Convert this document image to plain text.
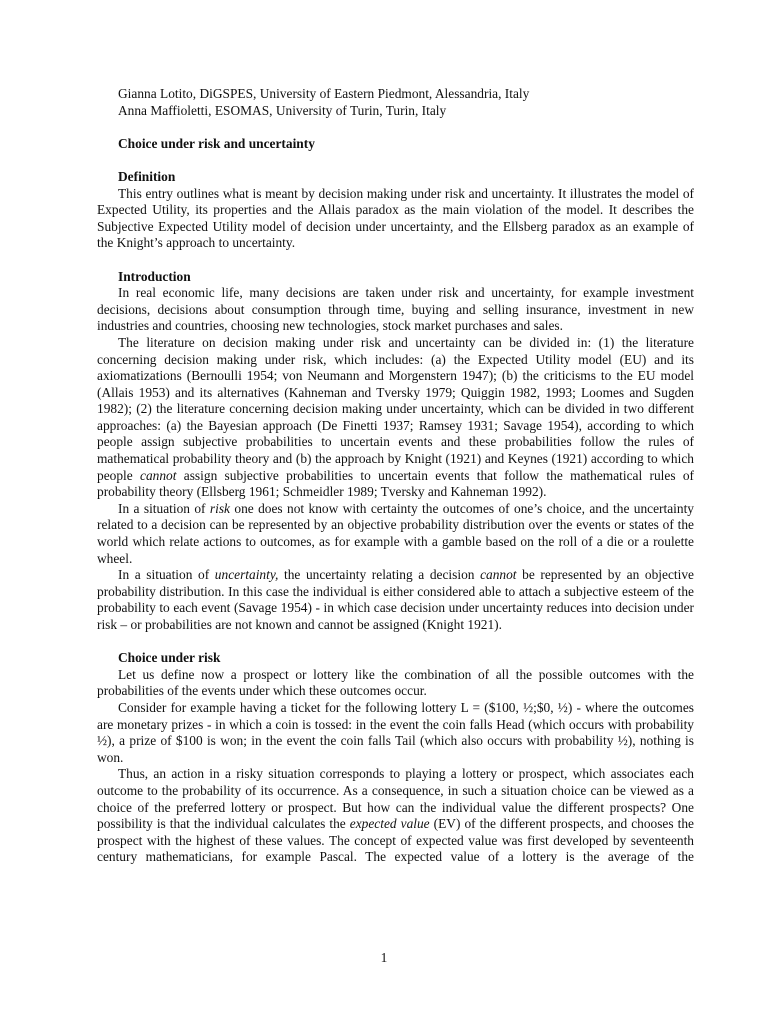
Gianna Lotito, DiGSPES, University of Eastern Piedmont, Alessandria, Italy
Anna Maffioletti, ESOMAS, University of Turin, Turin, Italy
Choice under risk and uncertainty
Definition

This entry outlines what is meant by decision making under risk and uncertainty. It illustrates the model of Expected Utility, its properties and the Allais paradox as the main violation of the model. It describes the Subjective Expected Utility model of decision under uncertainty, and the Ellsberg paradox as an example of the Knight’s approach to uncertainty.

Introduction

In real economic life, many decisions are taken under risk and uncertainty, for example investment decisions, decisions about consumption through time, buying and selling insurance, investment in new industries and countries, choosing new technologies, stock market purchases and sales.

The literature on decision making under risk and uncertainty can be divided in: (1) the literature concerning decision making under risk, which includes: (a) the Expected Utility model (EU) and its axiomatizations (Bernoulli 1954; von Neumann and Morgenstern 1947); (b) the criticisms to the EU model (Allais 1953) and its alternatives (Kahneman and Tversky 1979; Quiggin 1982, 1993; Loomes and Sugden 1982); (2) the literature concerning decision making under uncertainty, which can be divided in two different approaches: (a) the Bayesian approach (De Finetti 1937; Ramsey 1931; Savage 1954), according to which people assign subjective probabilities to uncertain events and these probabilities follow the rules of mathematical probability theory and (b) the approach by Knight (1921) and Keynes (1921) according to which people cannot assign subjective probabilities to uncertain events that follow the mathematical rules of probability theory (Ellsberg 1961; Schmeidler 1989; Tversky and Kahneman 1992).

In a situation of risk one does not know with certainty the outcomes of one’s choice, and the uncertainty related to a decision can be represented by an objective probability distribution over the events or states of the world which relate actions to outcomes, as for example with a gamble based on the roll of a die or a roulette wheel.

In a situation of uncertainty, the uncertainty relating a decision cannot be represented by an objective probability distribution. In this case the individual is either considered able to attach a subjective esteem of the probability to each event (Savage 1954) - in which case decision under uncertainty reduces into decision under risk – or probabilities are not known and cannot be assigned (Knight 1921).

Choice under risk

Let us define now a prospect or lottery like the combination of all the possible outcomes with the probabilities of the events under which these outcomes occur.

Consider for example having a ticket for the following lottery L = ($100, ½;$0, ½) - where the outcomes are monetary prizes - in which a coin is tossed: in the event the coin falls Head (which occurs with probability ½), a prize of $100 is won; in the event the coin falls Tail (which also occurs with probability ½), nothing is won.

Thus, an action in a risky situation corresponds to playing a lottery or prospect, which associates each outcome to the probability of its occurrence. As a consequence, in such a situation choice can be viewed as a choice of the preferred lottery or prospect. But how can the individual value the different prospects? One possibility is that the individual calculates the expected value (EV) of the different prospects, and chooses the prospect with the highest of these values. The concept of expected value was first developed by seventeenth century mathematicians, for example Pascal. The expected value of a lottery is the average of the

1
